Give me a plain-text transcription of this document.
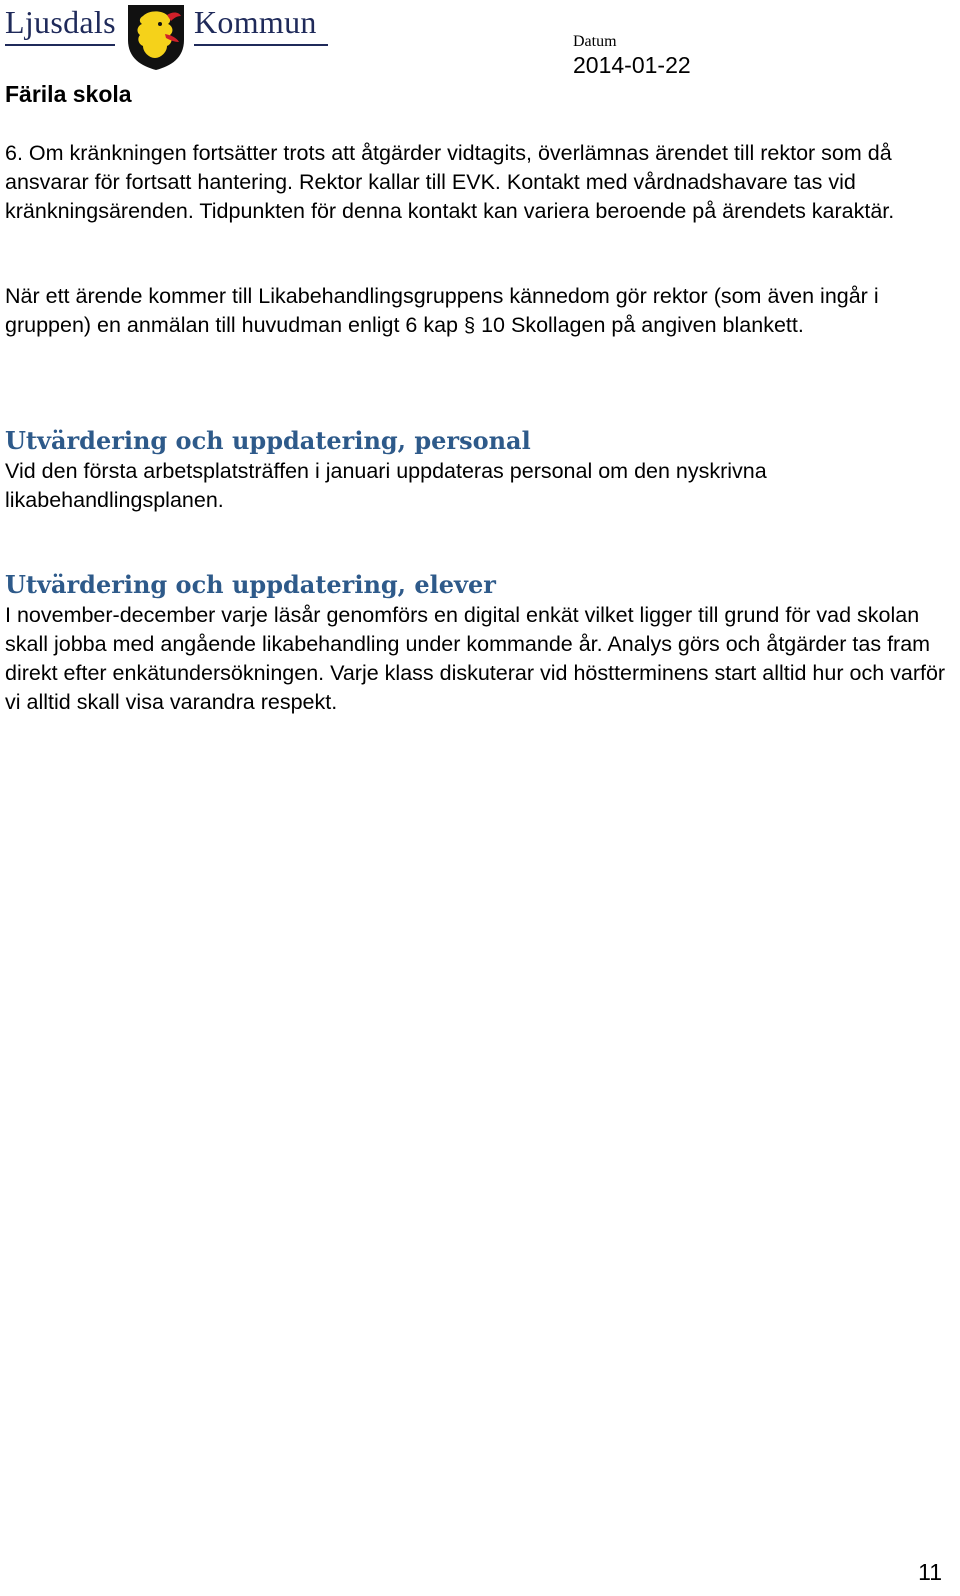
Ljusdals Kommun
Färila skola
Datum
2014-01-22

6. Om kränkningen fortsätter trots att åtgärder vidtagits, överlämnas ärendet till rektor som då ansvarar för fortsatt hantering. Rektor kallar till EVK. Kontakt med vårdnadshavare tas vid kränkningsärenden. Tidpunkten för denna kontakt kan variera beroende på ärendets karaktär.

När ett ärende kommer till Likabehandlingsgruppens kännedom gör rektor (som även ingår i gruppen) en anmälan till huvudman enligt 6 kap § 10 Skollagen på angiven blankett.

Utvärdering och uppdatering, personal

Vid den första arbetsplatsträffen i januari uppdateras personal om den nyskrivna likabehandlingsplanen.

Utvärdering och uppdatering, elever

I november-december varje läsår genomförs en digital enkät vilket ligger till grund för vad skolan skall jobba med angående likabehandling under kommande år. Analys görs och åtgärder tas fram direkt efter enkätundersökningen. Varje klass diskuterar vid höstterminens start alltid hur och varför vi alltid skall visa varandra respekt.

11
